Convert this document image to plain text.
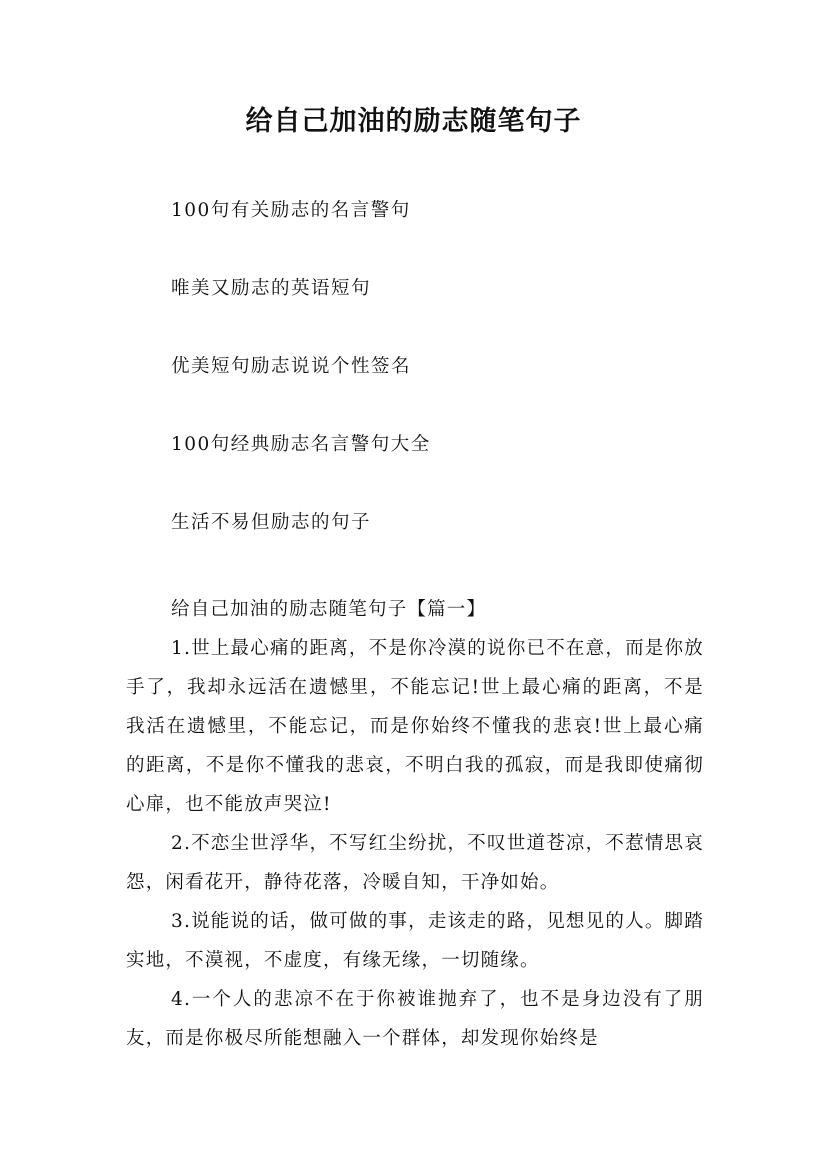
给自己加油的励志随笔句子
100句有关励志的名言警句
唯美又励志的英语短句
优美短句励志说说个性签名
100句经典励志名言警句大全
生活不易但励志的句子

给自己加油的励志随笔句子【篇一】

1.世上最心痛的距离，不是你冷漠的说你已不在意，而是你放手了，我却永远活在遗憾里，不能忘记!世上最心痛的距离，不是我活在遗憾里，不能忘记，而是你始终不懂我的悲哀!世上最心痛的距离，不是你不懂我的悲哀，不明白我的孤寂，而是我即使痛彻心扉，也不能放声哭泣!

2.不恋尘世浮华，不写红尘纷扰，不叹世道苍凉，不惹情思哀怨，闲看花开，静待花落，冷暖自知，干净如始。

3.说能说的话，做可做的事，走该走的路，见想见的人。脚踏实地，不漠视，不虚度，有缘无缘，一切随缘。

4.一个人的悲凉不在于你被谁抛弃了，也不是身边没有了朋友，而是你极尽所能想融入一个群体，却发现你始终是
